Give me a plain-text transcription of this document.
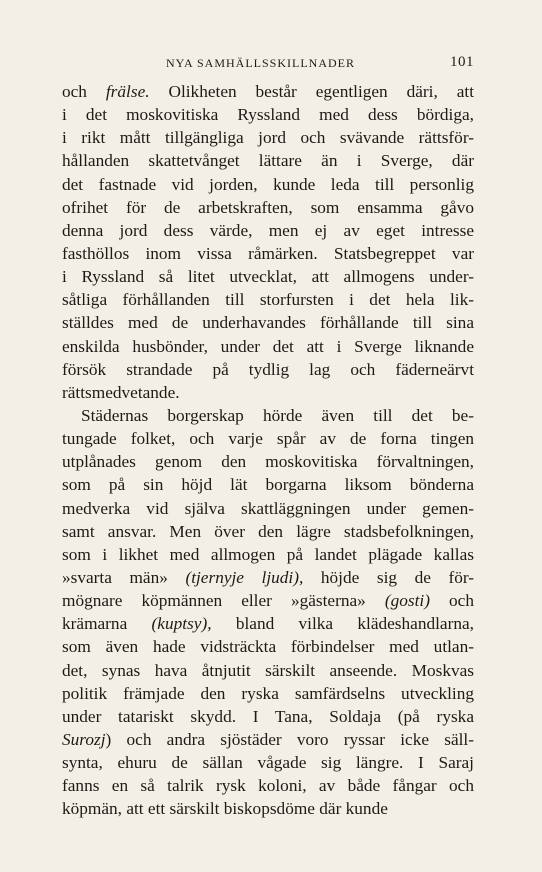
NYA SAMHÄLLSSKILLNADER	101
och frälse. Olikheten består egentligen däri, att
i det moskovitiska Ryssland med dess bördiga,
i rikt mått tillgängliga jord och svävande rättsför-
hållanden skattetvånget lättare än i Sverge, där
det fastnade vid jorden, kunde leda till personlig
ofrihet för de arbetskraften, som ensamma gåvo
denna jord dess värde, men ej av eget intresse
fasthöllos inom vissa råmärken. Statsbegreppet var
i Ryssland så litet utvecklat, att allmogens under-
såtliga förhållanden till storfursten i det hela lik-
ställdes med de underhavandes förhållande till sina
enskilda husbönder, under det att i Sverge liknande
försök strandade på tydlig lag och fäderneärvt
rättsmedvetande.
Städernas borgerskap hörde även till det be-
tungade folket, och varje spår av de forna tingen
utplånades genom den moskovitiska förvaltningen,
som på sin höjd lät borgarna liksom bönderna
medverka vid själva skattläggningen under gemen-
samt ansvar. Men över den lägre stadsbefolkningen,
som i likhet med allmogen på landet plägade kallas
»svarta män» (tjernyje ljudi), höjde sig de för-
mögnare köpmännen eller »gästerna» (gosti) och
krämarna (kuptsy), bland vilka klädeshandlarna,
som även hade vidsträckta förbindelser med utlan-
det, synas hava åtnjutit särskilt anseende. Moskvas
politik främjade den ryska samfärdselns utveckling
under tatariskt skydd. I Tana, Soldaja (på ryska
Surozj) och andra sjöstäder voro ryssar icke säll-
synta, ehuru de sällan vågade sig längre. I Saraj
fanns en så talrik rysk koloni, av både fångar och
köpmän, att ett särskilt biskopsdöme där kunde
